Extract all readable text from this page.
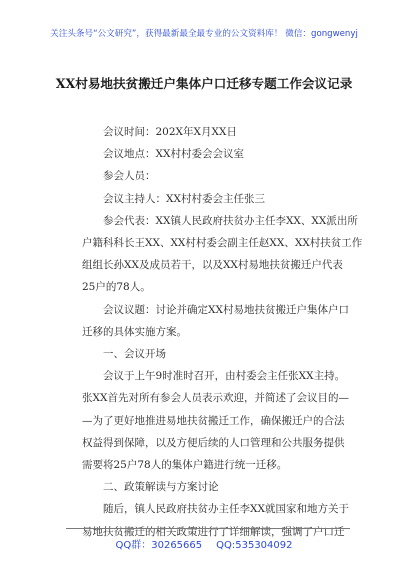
关注头条号“公文研究”，获得最新最全最专业的公文资料库！ 微信：gongwenyj
XX村易地扶贫搬迁户集体户口迁移专题工作会议记录

会议时间：202X年X月XX日

会议地点：XX村村委会会议室

参会人员：

会议主持人：XX村村委会主任张三

参会代表：XX镇人民政府扶贫办主任李XX、XX派出所

户籍科科长王XX、XX村村委会副主任赵XX、XX村扶贫工作

组组长孙XX及成员若干，以及XX村易地扶贫搬迁户代表

25户的78人。

会议议题：讨论并确定XX村易地扶贫搬迁户集体户口

迁移的具体实施方案。

一、会议开场

会议于上午9时准时召开，由村委会主任张XX主持。

张XX首先对所有参会人员表示欢迎，并简述了会议目的—

—为了更好地推进易地扶贫搬迁工作，确保搬迁户的合法

权益得到保障，以及方便后续的人口管理和公共服务提供

需要将25户78人的集体户籍进行统一迁移。

二、政策解读与方案讨论

随后，镇人民政府扶贫办主任李XX就国家和地方关于

易地扶贫搬迁的相关政策进行了详细解读，强调了户口迁

QQ群：30265665 QQ:535304092
